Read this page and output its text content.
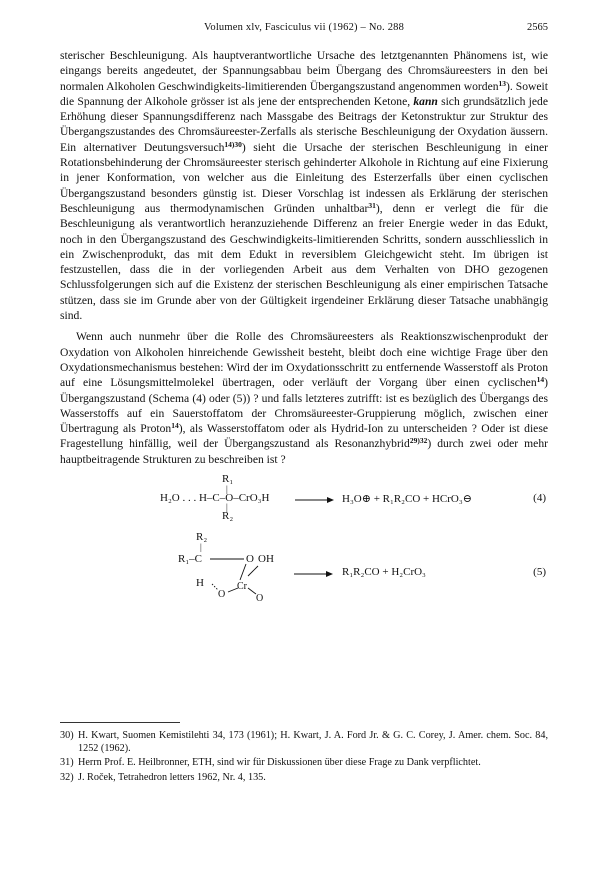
Volumen xlv, Fasciculus vii (1962) – No. 288	2565

sterischer Beschleunigung. Als hauptverantwortliche Ursache des letztgenannten Phänomens ist, wie eingangs bereits angedeutet, der Spannungsabbau beim Übergang des Chromsäureesters in den bei normalen Alkoholen Geschwindigkeits-limitierenden Übergangszustand angenommen worden$^{13}$). Soweit die Spannung der Alkohole grösser ist als jene der entsprechenden Ketone, kann sich grundsätzlich jede Erhöhung dieser Spannungsdifferenz nach Massgabe des Beitrags der Ketonstruktur zur Struktur des Übergangszustandes des Chromsäureester-Zerfalls als sterische Beschleunigung der Oxydation äussern. Ein alternativer Deutungsversuch$^{14)30}$) sieht die Ursache der sterischen Beschleunigung in einer Rotationsbehinderung der Chromsäureester sterisch gehinderter Alkohole in Richtung auf eine Fixierung in jener Konformation, von welcher aus die Einleitung des Esterzerfalls über einen cyclischen Übergangszustand besonders günstig ist. Dieser Vorschlag ist indessen als Erklärung der sterischen Beschleunigung aus thermodynamischen Gründen unhaltbar$^{31}$), denn er verlegt die für die Beschleunigung als verantwortlich heranzuziehende Differenz an freier Energie weder in das Edukt, noch in den Übergangszustand des Geschwindigkeits-limitierenden Schritts, sondern ausschliesslich in ein Zwischenprodukt, das mit dem Edukt in reversiblem Gleichgewicht steht. Im übrigen ist festzustellen, dass die in der vorliegenden Arbeit aus dem Verhalten von DHO gezogenen Schlussfolgerungen sich auf die Existenz der sterischen Beschleunigung als einer empirischen Tatsache stützen, dass sie im Grunde aber von der Gültigkeit irgendeiner Erklärung dieser Tatsache unabhängig sind.

Wenn auch nunmehr über die Rolle des Chromsäureesters als Reaktionszwischenprodukt der Oxydation von Alkoholen hinreichende Gewissheit besteht, bleibt doch eine wichtige Frage über den Oxydationsmechanismus bestehen: Wird der im Oxydationsschritt zu entfernende Wasserstoff als Proton auf eine Lösungsmittelmolekel übertragen, oder verläuft der Vorgang über einen cyclischen$^{14}$) Übergangszustand (Schema (4) oder (5)) ? und falls letzteres zutrifft: ist es bezüglich des Übergangs des Wasserstoffs auf ein Sauerstoffatom der Chromsäureester-Gruppierung möglich, zwischen einer Übertragung als Proton$^{14}$), als Wasserstoffatom oder als Hydrid-Ion zu unterscheiden ? Oder ist diese Fragestellung hinfällig, weil der Übergangszustand als Resonanzhybrid$^{29)32}$) durch zwei oder mehr hauptbeitragende Strukturen zu beschreiben ist ?

R₁
|
H₂O . . . H–C–O–CrO₃H
|
R₂
H₃O⊕ + R₁R₂CO + HCrO₃⊖	(4)
R₂
|
R₁–C	O OH
H
O
Cr
O
R₁R₂CO + H₂CrO₃	(5)

30) H. Kwart, Suomen Kemistilehti 34, 173 (1961); H. Kwart, J. A. Ford Jr. & G. C. Corey, J. Amer. chem. Soc. 84, 1252 (1962).

31) Herrn Prof. E. Heilbronner, ETH, sind wir für Diskussionen über diese Frage zu Dank verpflichtet.

32) J. Roček, Tetrahedron letters 1962, Nr. 4, 135.
